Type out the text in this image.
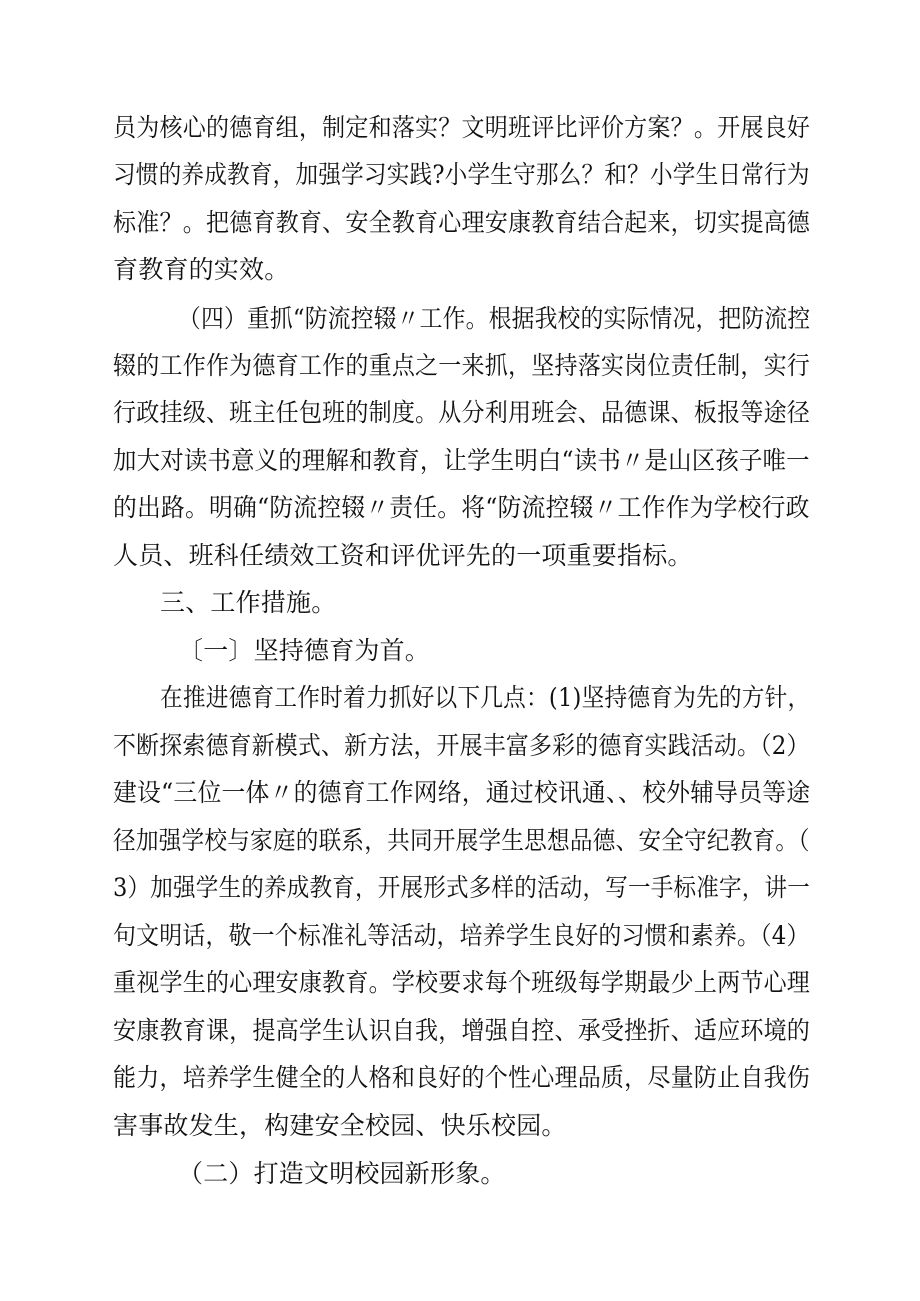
员为核心的德育组，制定和落实？文明班评比评价方案？。开展良好
习惯的养成教育，加强学习实践?小学生守那么？和？小学生日常行为
标准？。把德育教育、安全教育心理安康教育结合起来，切实提高德
育教育的实效。
（四）重抓“防流控辍〃工作。根据我校的实际情况，把防流控
辍的工作作为德育工作的重点之一来抓，坚持落实岗位责任制，实行
行政挂级、班主任包班的制度。从分利用班会、品德课、板报等途径
加大对读书意义的理解和教育，让学生明白“读书〃是山区孩子唯一
的出路。明确“防流控辍〃责任。将“防流控辍〃工作作为学校行政
人员、班科任绩效工资和评优评先的一项重要指标。
三、工作措施。
〔一〕坚持德育为首。
在推进德育工作时着力抓好以下几点：(1)坚持德育为先的方针，
不断探索德育新模式、新方法，开展丰富多彩的德育实践活动。（2）
建设“三位一体〃的德育工作网络，通过校讯通、、校外辅导员等途
径加强学校与家庭的联系，共同开展学生思想品德、安全守纪教育。（
3）加强学生的养成教育，开展形式多样的活动，写一手标准字，讲一
句文明话，敬一个标准礼等活动，培养学生良好的习惯和素养。（4）
重视学生的心理安康教育。学校要求每个班级每学期最少上两节心理
安康教育课，提高学生认识自我，增强自控、承受挫折、适应环境的
能力，培养学生健全的人格和良好的个性心理品质，尽量防止自我伤
害事故发生，构建安全校园、快乐校园。
（二）打造文明校园新形象。
